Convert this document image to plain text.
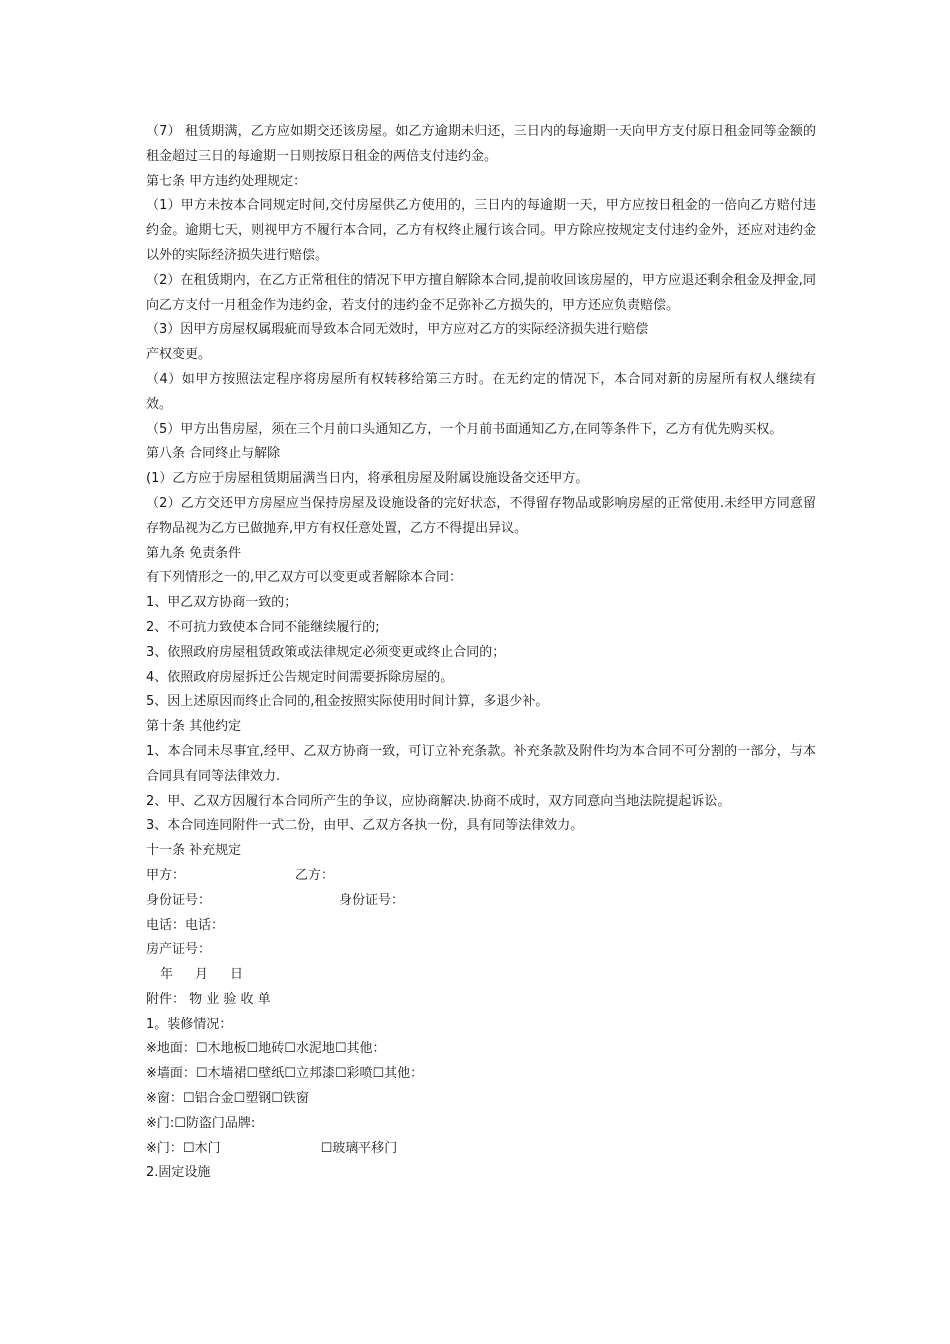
（7） 租赁期满，乙方应如期交还该房屋。如乙方逾期未归还，三日内的每逾期一天向甲方支付原日租金同等金额的租金超过三日的每逾期一日则按原日租金的两倍支付违约金。

第七条 甲方违约处理规定：

（1）甲方未按本合同规定时间,交付房屋供乙方使用的，三日内的每逾期一天，甲方应按日租金的一倍向乙方赔付违约金。逾期七天，则视甲方不履行本合同，乙方有权终止履行该合同。甲方除应按规定支付违约金外，还应对违约金以外的实际经济损失进行赔偿。

（2）在租赁期内，在乙方正常租住的情况下甲方擅自解除本合同,提前收回该房屋的，甲方应退还剩余租金及押金,同向乙方支付一月租金作为违约金，若支付的违约金不足弥补乙方损失的，甲方还应负责赔偿。

（3）因甲方房屋权属瑕疵而导致本合同无效时，甲方应对乙方的实际经济损失进行赔偿

产权变更。

（4）如甲方按照法定程序将房屋所有权转移给第三方时。在无约定的情况下，本合同对新的房屋所有权人继续有效。

（5）甲方出售房屋，须在三个月前口头通知乙方，一个月前书面通知乙方,在同等条件下，乙方有优先购买权。

第八条 合同终止与解除

(1）乙方应于房屋租赁期届满当日内，将承租房屋及附属设施设备交还甲方。

（2）乙方交还甲方房屋应当保持房屋及设施设备的完好状态，不得留存物品或影响房屋的正常使用.未经甲方同意留存物品视为乙方已做抛弃,甲方有权任意处置，乙方不得提出异议。

第九条 免责条件

有下列情形之一的,甲乙双方可以变更或者解除本合同：

1、甲乙双方协商一致的；

2、不可抗力致使本合同不能继续履行的;

3、依照政府房屋租赁政策或法律规定必须变更或终止合同的；

4、依照政府房屋拆迁公告规定时间需要拆除房屋的。

5、因上述原因而终止合同的,租金按照实际使用时间计算，多退少补。

第十条 其他约定

1、本合同未尽事宜,经甲、乙双方协商一致，可订立补充条款。补充条款及附件均为本合同不可分割的一部分，与本合同具有同等法律效力.

2、甲、乙双方因履行本合同所产生的争议，应协商解决.协商不成时，双方同意向当地法院提起诉讼。

3、本合同连同附件一式二份，由甲、乙双方各执一份，具有同等法律效力。

十一条 补充规定

甲方：	乙方：

身份证号：	身份证号：

电话：电话：

房产证号：

年 月 日

附件： 物 业 验 收 单

1。装修情况：

※地面：☐木地板☐地砖☐水泥地☐其他：

※墙面：☐木墙裙☐壁纸☐立邦漆☐彩喷☐其他：

※窗：☐铝合金☐塑钢☐铁窗

※门:☐防盗门品牌:

※门：☐木门	☐玻璃平移门

2.固定设施
